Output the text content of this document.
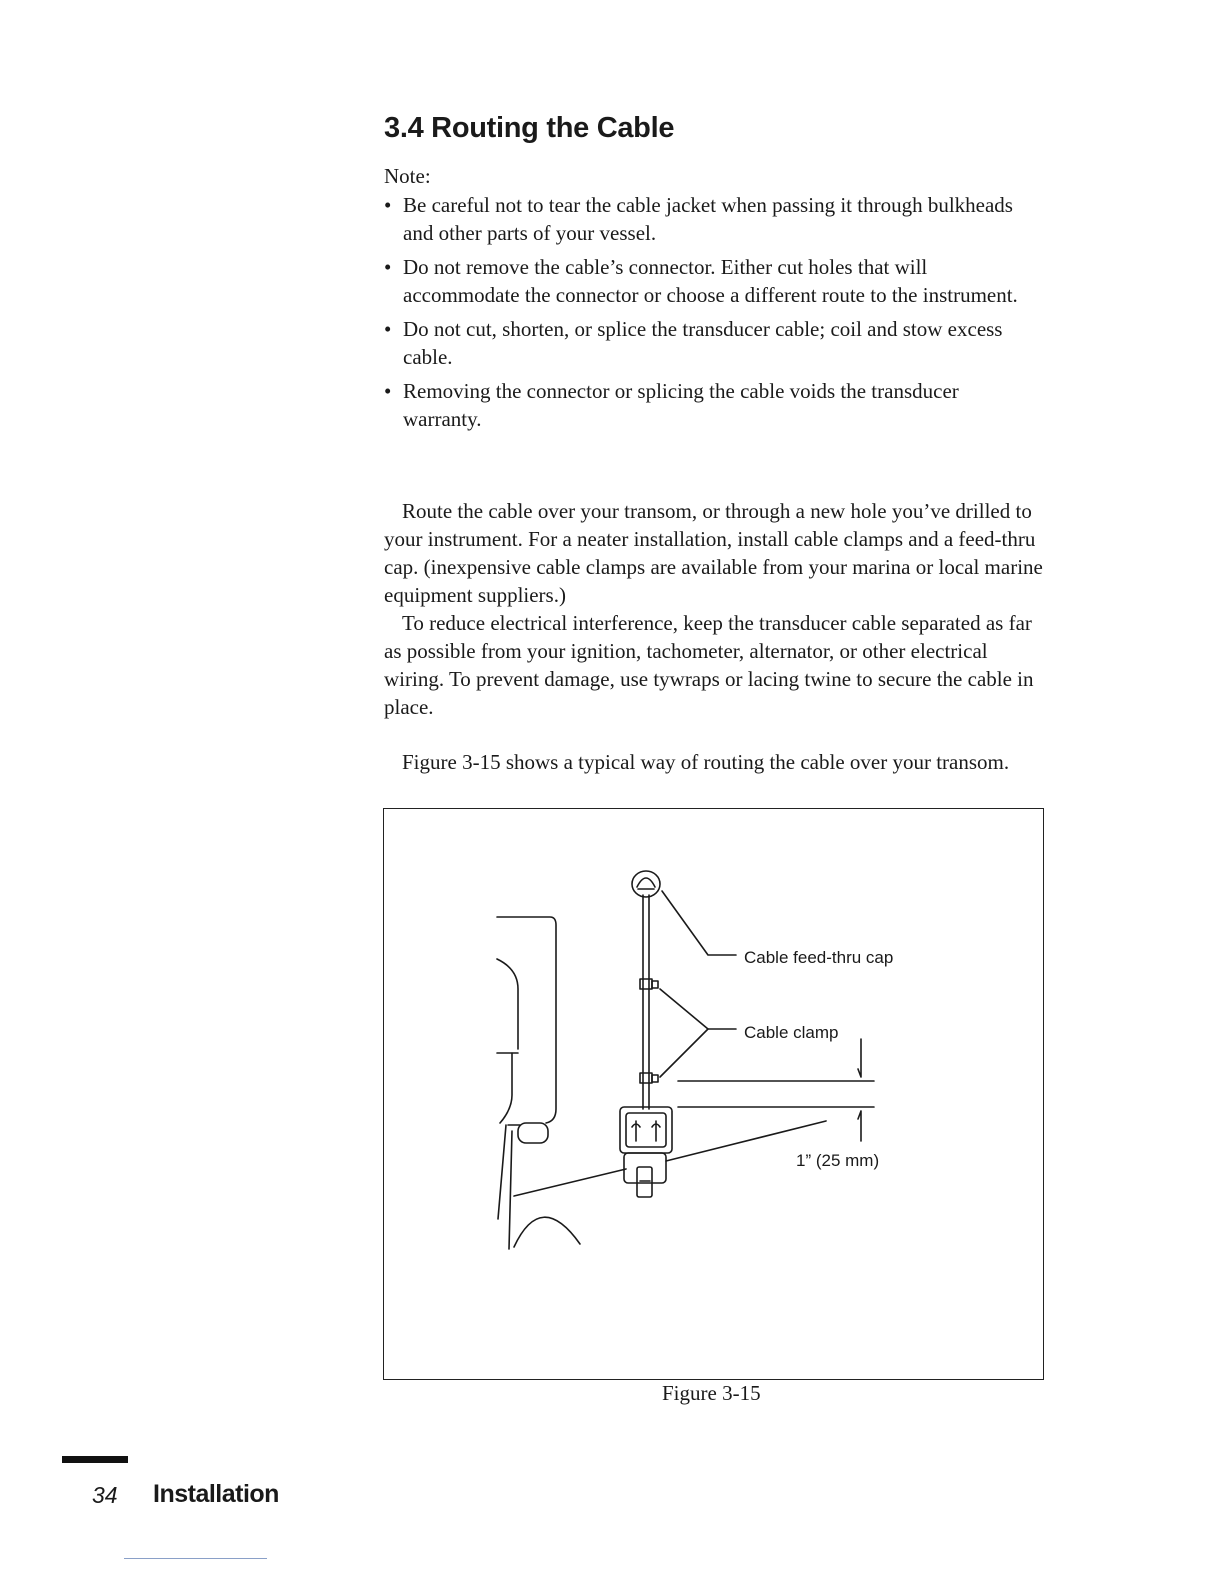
3.4 Routing the Cable
Note:
• Be careful not to tear the cable jacket when passing it through bulkheads and other parts of your vessel.
• Do not remove the cable’s connector. Either cut holes that will accommodate the connector or choose a different route to the instrument.
• Do not cut, shorten, or splice the transducer cable; coil and stow excess cable.
• Removing the connector or splicing the cable voids the transducer warranty.

Route the cable over your transom, or through a new hole you’ve drilled to your instrument. For a neater installation, install cable clamps and a feed-thru cap. (inexpensive cable clamps are available from your marina or local marine equipment suppliers.)

To reduce electrical interference, keep the transducer cable separated as far as possible from your ignition, tachometer, alternator, or other electrical wiring. To prevent damage, use tywraps or lacing twine to secure the cable in place.

Figure 3-15 shows a typical way of routing the cable over your transom.

Cable feed-thru cap
Cable clamp
1” (25 mm)
Figure 3-15
34 Installation
